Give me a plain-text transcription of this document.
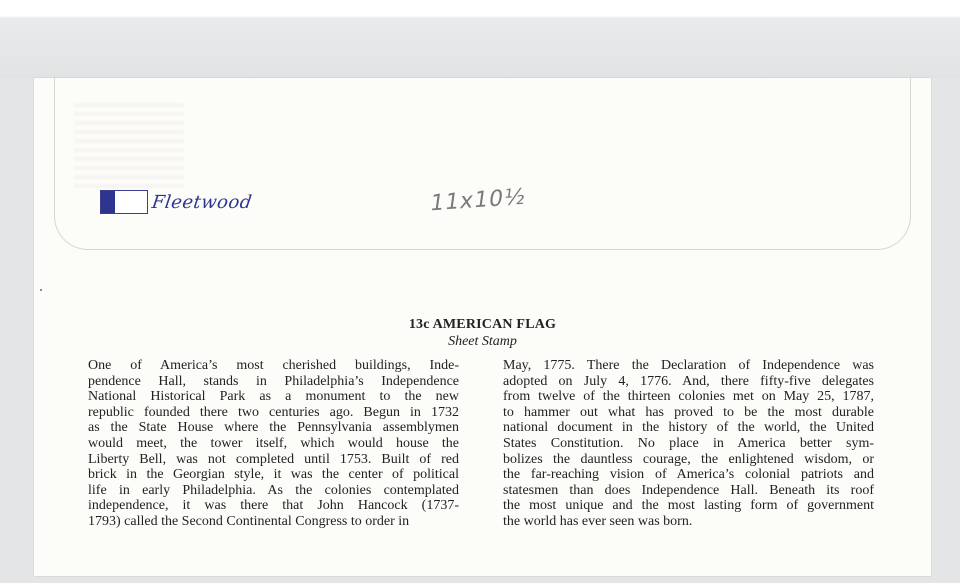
Fleetwood	11x10½
13c AMERICAN FLAG
Sheet Stamp
One of America’s most cherished buildings, Inde-
pendence Hall, stands in Philadelphia’s Independence
National Historical Park as a monument to the new
republic founded there two centuries ago. Begun in 1732
as the State House where the Pennsylvania assemblymen
would meet, the tower itself, which would house the
Liberty Bell, was not completed until 1753. Built of red
brick in the Georgian style, it was the center of political
life in early Philadelphia. As the colonies contemplated
independence, it was there that John Hancock (1737-
1793) called the Second Continental Congress to order in
May, 1775. There the Declaration of Independence was
adopted on July 4, 1776. And, there fifty-five delegates
from twelve of the thirteen colonies met on May 25, 1787,
to hammer out what has proved to be the most durable
national document in the history of the world, the United
States Constitution. No place in America better sym-
bolizes the dauntless courage, the enlightened wisdom, or
the far-reaching vision of America’s colonial patriots and
statesmen than does Independence Hall. Beneath its roof
the most unique and the most lasting form of government
the world has ever seen was born.
